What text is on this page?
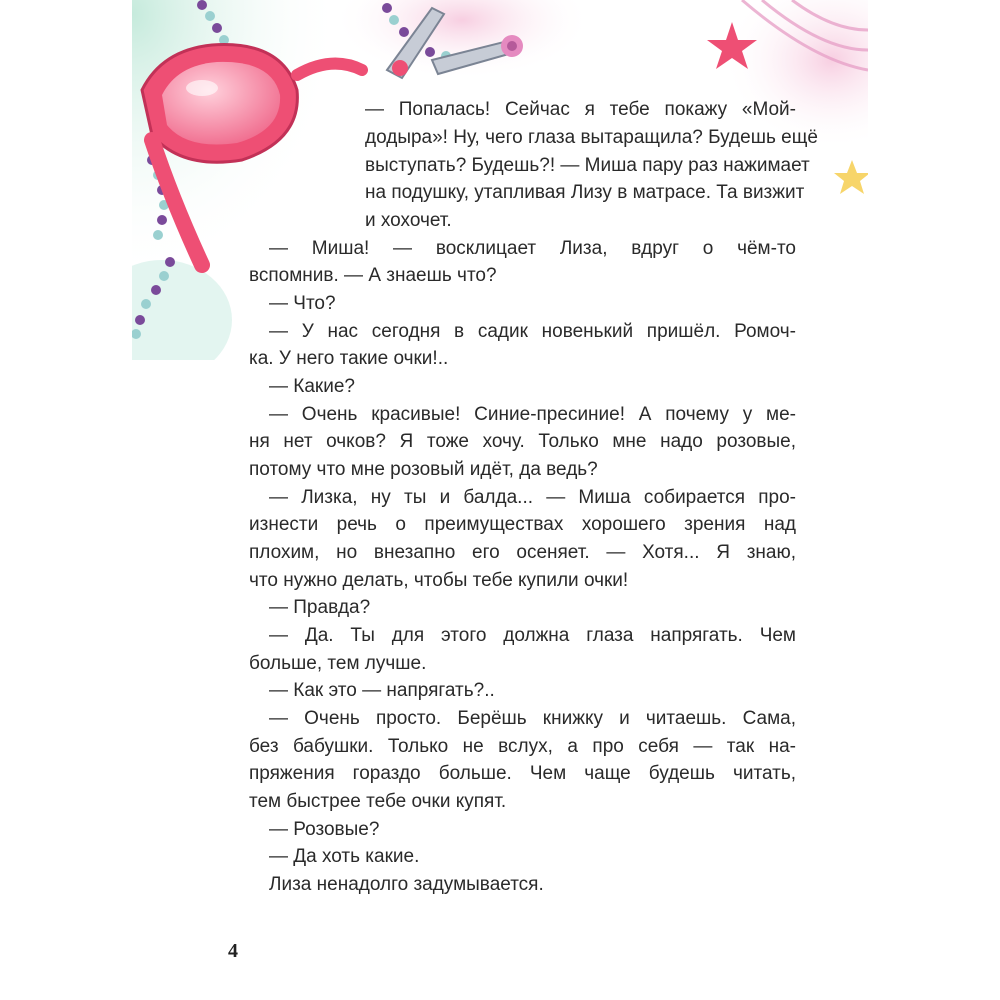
— Попалась! Сейчас я тебе покажу «Мой-

додыра»! Ну, чего глаза вытаращила? Будешь ещё

выступать? Будешь?! — Миша пару раз нажимает

на подушку, утапливая Лизу в матрасе. Та визжит

и хохочет.

— Миша! — восклицает Лиза, вдруг о чём-то

вспомнив. — А знаешь что?

— Что?

— У нас сегодня в садик новенький пришёл. Ромоч-

ка. У него такие очки!..

— Какие?

— Очень красивые! Синие-пресиние! А почему у ме-

ня нет очков? Я тоже хочу. Только мне надо розовые,

потому что мне розовый идёт, да ведь?

— Лизка, ну ты и балда... — Миша собирается про-

изнести речь о преимуществах хорошего зрения над

плохим, но внезапно его осеняет. — Хотя... Я знаю,

что нужно делать, чтобы тебе купили очки!

— Правда?

— Да. Ты для этого должна глаза напрягать. Чем

больше, тем лучше.

— Как это — напрягать?..

— Очень просто. Берёшь книжку и читаешь. Сама,

без бабушки. Только не вслух, а про себя — так на-

пряжения гораздо больше. Чем чаще будешь читать,

тем быстрее тебе очки купят.

— Розовые?

— Да хоть какие.

Лиза ненадолго задумывается.

4
